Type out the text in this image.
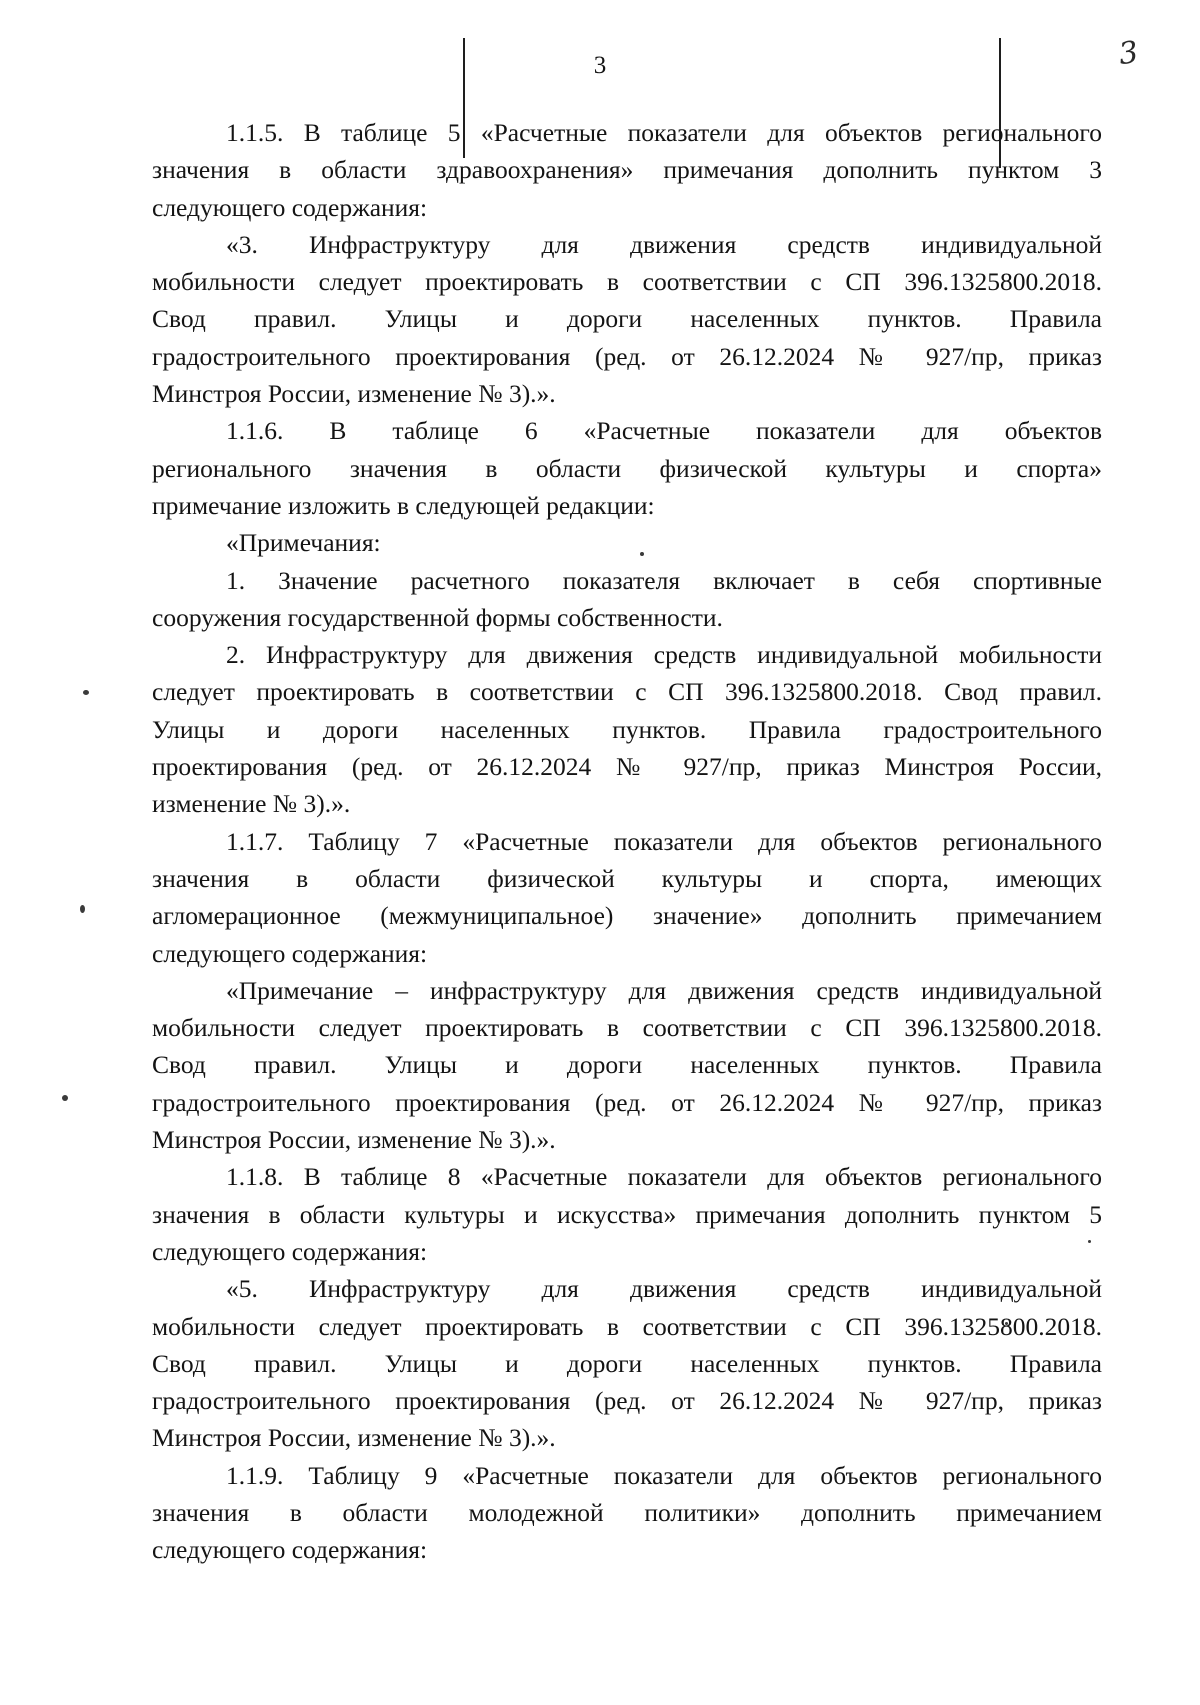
3	3

1.1.5. В таблице 5 «Расчетные показатели для объектов регионального

значения в области здравоохранения» примечания дополнить пунктом 3

следующего содержания:

«3. Инфраструктуру для движения средств индивидуальной

мобильности следует проектировать в соответствии с СП 396.1325800.2018.

Свод правил. Улицы и дороги населенных пунктов. Правила

градостроительного проектирования (ред. от 26.12.2024 № 927/пр, приказ

Минстроя России, изменение № 3).».

1.1.6. В таблице 6 «Расчетные показатели для объектов

регионального значения в области физической культуры и спорта»

примечание изложить в следующей редакции:

«Примечания:

1. Значение расчетного показателя включает в себя спортивные

сооружения государственной формы собственности.

2. Инфраструктуру для движения средств индивидуальной мобильности

следует проектировать в соответствии с СП 396.1325800.2018. Свод правил.

Улицы и дороги населенных пунктов. Правила градостроительного

проектирования (ред. от 26.12.2024 № 927/пр, приказ Минстроя России,

изменение № 3).».

1.1.7. Таблицу 7 «Расчетные показатели для объектов регионального

значения в области физической культуры и спорта, имеющих

агломерационное (межмуниципальное) значение» дополнить примечанием

следующего содержания:

«Примечание – инфраструктуру для движения средств индивидуальной

мобильности следует проектировать в соответствии с СП 396.1325800.2018.

Свод правил. Улицы и дороги населенных пунктов. Правила

градостроительного проектирования (ред. от 26.12.2024 № 927/пр, приказ

Минстроя России, изменение № 3).».

1.1.8. В таблице 8 «Расчетные показатели для объектов регионального

значения в области культуры и искусства» примечания дополнить пунктом 5

следующего содержания:

«5. Инфраструктуру для движения средств индивидуальной

мобильности следует проектировать в соответствии с СП 396.1325800.2018.

Свод правил. Улицы и дороги населенных пунктов. Правила

градостроительного проектирования (ред. от 26.12.2024 № 927/пр, приказ

Минстроя России, изменение № 3).».

1.1.9. Таблицу 9 «Расчетные показатели для объектов регионального

значения в области молодежной политики» дополнить примечанием

следующего содержания:
